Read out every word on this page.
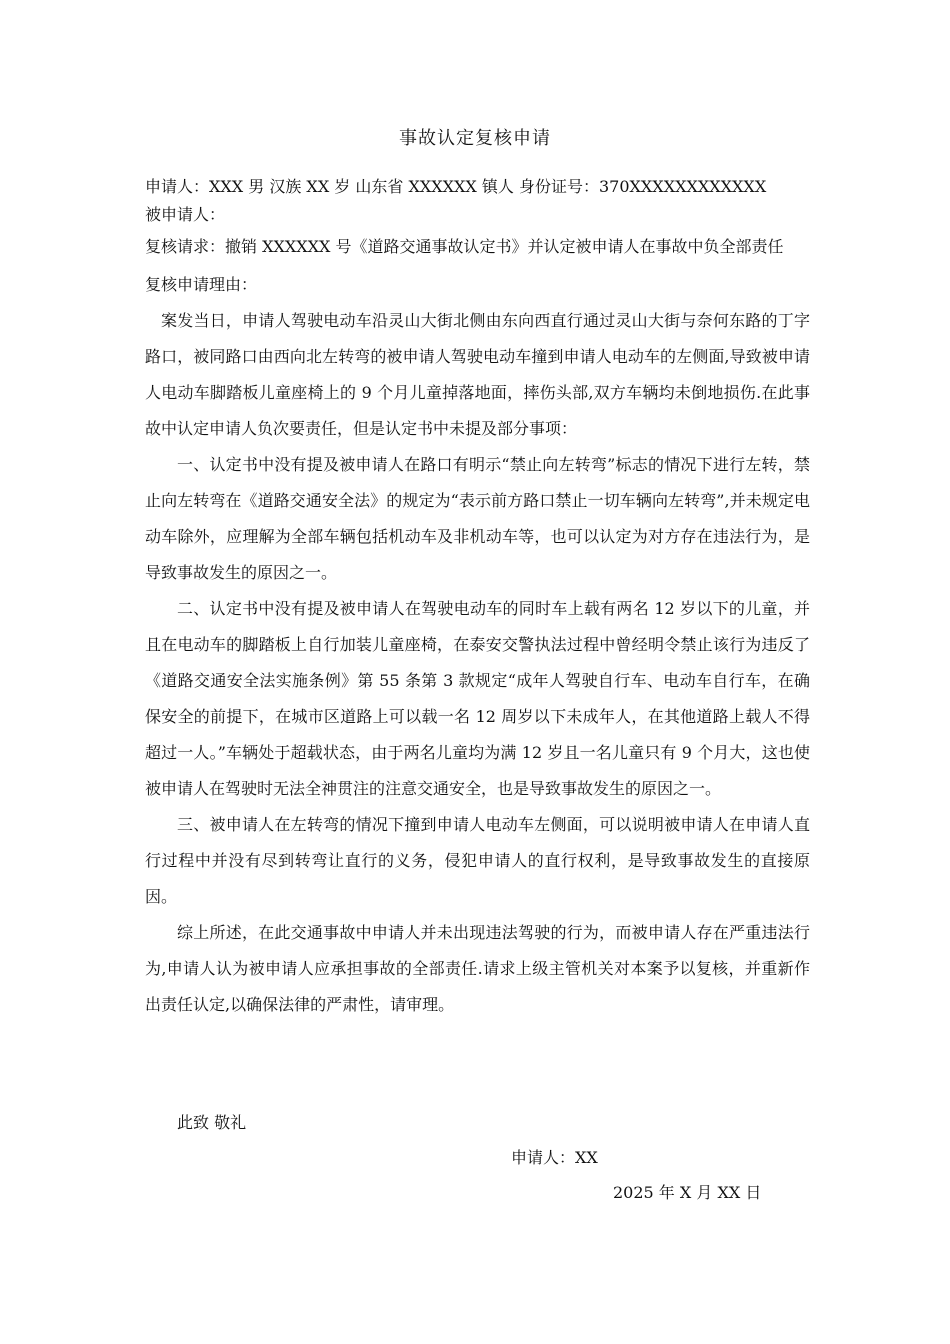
事故认定复核申请

申请人：XXX 男 汉族 XX 岁 山东省 XXXXXX 镇人 身份证号：370XXXXXXXXXXXX

被申请人：

复核请求：撤销 XXXXXX 号《道路交通事故认定书》并认定被申请人在事故中负全部责任

复核申请理由：

案发当日，申请人驾驶电动车沿灵山大街北侧由东向西直行通过灵山大街与奈何东路的丁字路口，被同路口由西向北左转弯的被申请人驾驶电动车撞到申请人电动车的左侧面,导致被申请人电动车脚踏板儿童座椅上的 9 个月儿童掉落地面，摔伤头部,双方车辆均未倒地损伤.在此事故中认定申请人负次要责任，但是认定书中未提及部分事项：

一、认定书中没有提及被申请人在路口有明示“禁止向左转弯”标志的情况下进行左转，禁止向左转弯在《道路交通安全法》的规定为“表示前方路口禁止一切车辆向左转弯”,并未规定电动车除外，应理解为全部车辆包括机动车及非机动车等，也可以认定为对方存在违法行为，是导致事故发生的原因之一。

二、认定书中没有提及被申请人在驾驶电动车的同时车上载有两名 12 岁以下的儿童，并且在电动车的脚踏板上自行加装儿童座椅，在泰安交警执法过程中曾经明令禁止该行为违反了《道路交通安全法实施条例》第 55 条第 3 款规定“成年人驾驶自行车、电动车自行车，在确保安全的前提下，在城市区道路上可以载一名 12 周岁以下未成年人，在其他道路上载人不得超过一人。”车辆处于超载状态，由于两名儿童均为满 12 岁且一名儿童只有 9 个月大，这也使被申请人在驾驶时无法全神贯注的注意交通安全，也是导致事故发生的原因之一。

三、被申请人在左转弯的情况下撞到申请人电动车左侧面，可以说明被申请人在申请人直行过程中并没有尽到转弯让直行的义务，侵犯申请人的直行权利，是导致事故发生的直接原因。

综上所述，在此交通事故中申请人并未出现违法驾驶的行为，而被申请人存在严重违法行为,申请人认为被申请人应承担事故的全部责任.请求上级主管机关对本案予以复核，并重新作出责任认定,以确保法律的严肃性，请审理。

此致 敬礼
申请人：XX
2025 年 X 月 XX 日
